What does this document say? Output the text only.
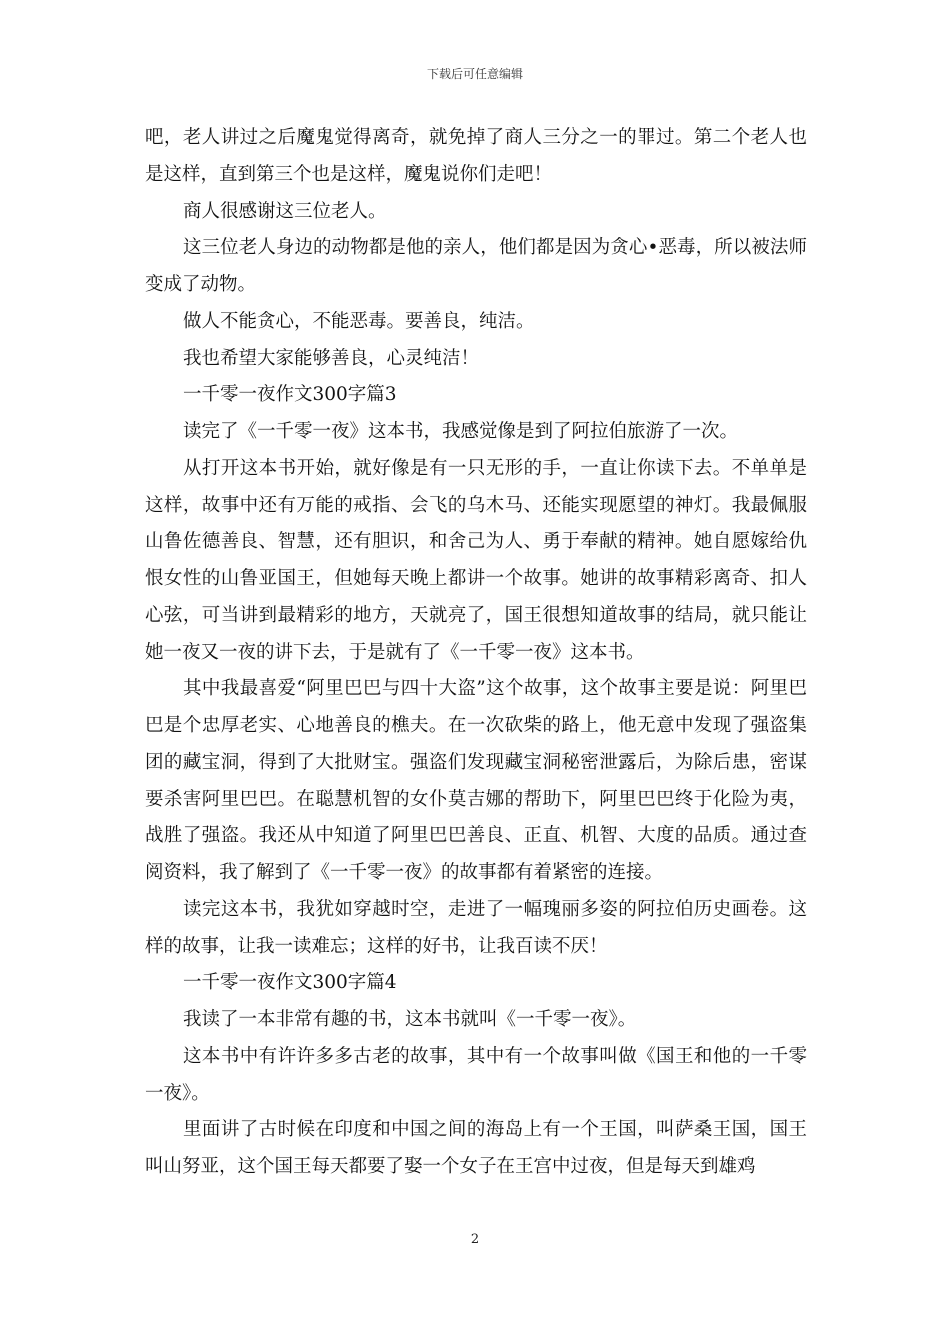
下载后可任意编辑

吧，老人讲过之后魔鬼觉得离奇，就免掉了商人三分之一的罪过。第二个老人也是这样，直到第三个也是这样，魔鬼说你们走吧！

商人很感谢这三位老人。

这三位老人身边的动物都是他的亲人，他们都是因为贪心•恶毒，所以被法师变成了动物。

做人不能贪心，不能恶毒。要善良，纯洁。

我也希望大家能够善良，心灵纯洁！

一千零一夜作文300字篇3

读完了《一千零一夜》这本书，我感觉像是到了阿拉伯旅游了一次。

从打开这本书开始，就好像是有一只无形的手，一直让你读下去。不单单是这样，故事中还有万能的戒指、会飞的乌木马、还能实现愿望的神灯。我最佩服山鲁佐德善良、智慧，还有胆识，和舍己为人、勇于奉献的精神。她自愿嫁给仇恨女性的山鲁亚国王，但她每天晚上都讲一个故事。她讲的故事精彩离奇、扣人心弦，可当讲到最精彩的地方，天就亮了，国王很想知道故事的结局，就只能让她一夜又一夜的讲下去，于是就有了《一千零一夜》这本书。

其中我最喜爱“阿里巴巴与四十大盗”这个故事，这个故事主要是说：阿里巴巴是个忠厚老实、心地善良的樵夫。在一次砍柴的路上，他无意中发现了强盗集团的藏宝洞，得到了大批财宝。强盗们发现藏宝洞秘密泄露后，为除后患，密谋要杀害阿里巴巴。在聪慧机智的女仆莫吉娜的帮助下，阿里巴巴终于化险为夷，战胜了强盗。我还从中知道了阿里巴巴善良、正直、机智、大度的品质。通过查阅资料，我了解到了《一千零一夜》的故事都有着紧密的连接。

读完这本书，我犹如穿越时空，走进了一幅瑰丽多姿的阿拉伯历史画卷。这样的故事，让我一读难忘；这样的好书，让我百读不厌！

一千零一夜作文300字篇4

我读了一本非常有趣的书，这本书就叫《一千零一夜》。

这本书中有许许多多古老的故事，其中有一个故事叫做《国王和他的一千零一夜》。

里面讲了古时候在印度和中国之间的海岛上有一个王国，叫萨桑王国，国王叫山努亚，这个国王每天都要了娶一个女子在王宫中过夜，但是每天到雄鸡

2
